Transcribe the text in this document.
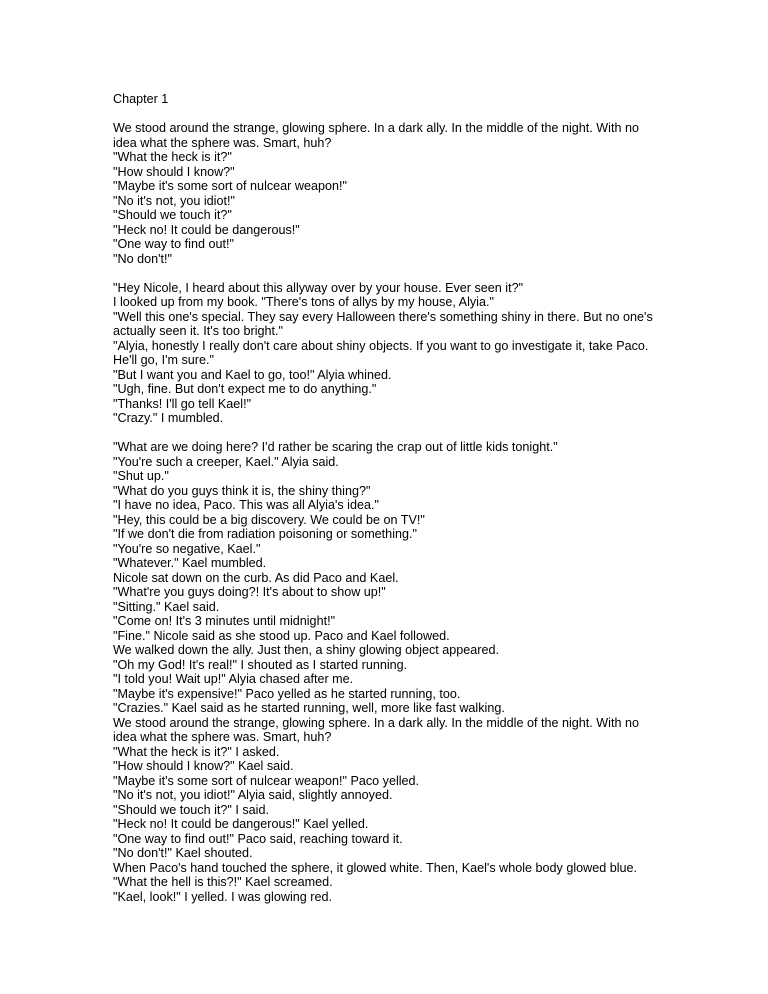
Chapter 1
We stood around the strange, glowing sphere. In a dark ally. In the middle of the night. With no
idea what the sphere was. Smart, huh?
"What the heck is it?"
"How should I know?"
"Maybe it's some sort of nulcear weapon!"
"No it's not, you idiot!"
"Should we touch it?"
"Heck no! It could be dangerous!"
"One way to find out!"
"No don't!"
"Hey Nicole, I heard about this allyway over by your house. Ever seen it?"
I looked up from my book. "There's tons of allys by my house, Alyia."
"Well this one's special. They say every Halloween there's something shiny in there. But no one's
actually seen it. It's too bright."
"Alyia, honestly I really don't care about shiny objects. If you want to go investigate it, take Paco.
He'll go, I'm sure."
"But I want you and Kael to go, too!" Alyia whined.
"Ugh, fine. But don't expect me to do anything."
"Thanks! I'll go tell Kael!"
"Crazy." I mumbled.
"What are we doing here? I'd rather be scaring the crap out of little kids tonight."
"You're such a creeper, Kael." Alyia said.
"Shut up."
"What do you guys think it is, the shiny thing?"
"I have no idea, Paco. This was all Alyia's idea."
"Hey, this could be a big discovery. We could be on TV!"
"If we don't die from radiation poisoning or something."
"You're so negative, Kael."
"Whatever." Kael mumbled.
Nicole sat down on the curb. As did Paco and Kael.
"What're you guys doing?! It's about to show up!"
"Sitting." Kael said.
"Come on! It's 3 minutes until midnight!"
"Fine." Nicole said as she stood up. Paco and Kael followed.
We walked down the ally. Just then, a shiny glowing object appeared.
"Oh my God! It's real!" I shouted as I started running.
"I told you! Wait up!" Alyia chased after me.
"Maybe it's expensive!" Paco yelled as he started running, too.
"Crazies." Kael said as he started running, well, more like fast walking.
We stood around the strange, glowing sphere. In a dark ally. In the middle of the night. With no
idea what the sphere was. Smart, huh?
"What the heck is it?" I asked.
"How should I know?" Kael said.
"Maybe it's some sort of nulcear weapon!" Paco yelled.
"No it's not, you idiot!" Alyia said, slightly annoyed.
"Should we touch it?" I said.
"Heck no! It could be dangerous!" Kael yelled.
"One way to find out!" Paco said, reaching toward it.
"No don't!" Kael shouted.
When Paco's hand touched the sphere, it glowed white. Then, Kael's whole body glowed blue.
"What the hell is this?!" Kael screamed.
"Kael, look!" I yelled. I was glowing red.
